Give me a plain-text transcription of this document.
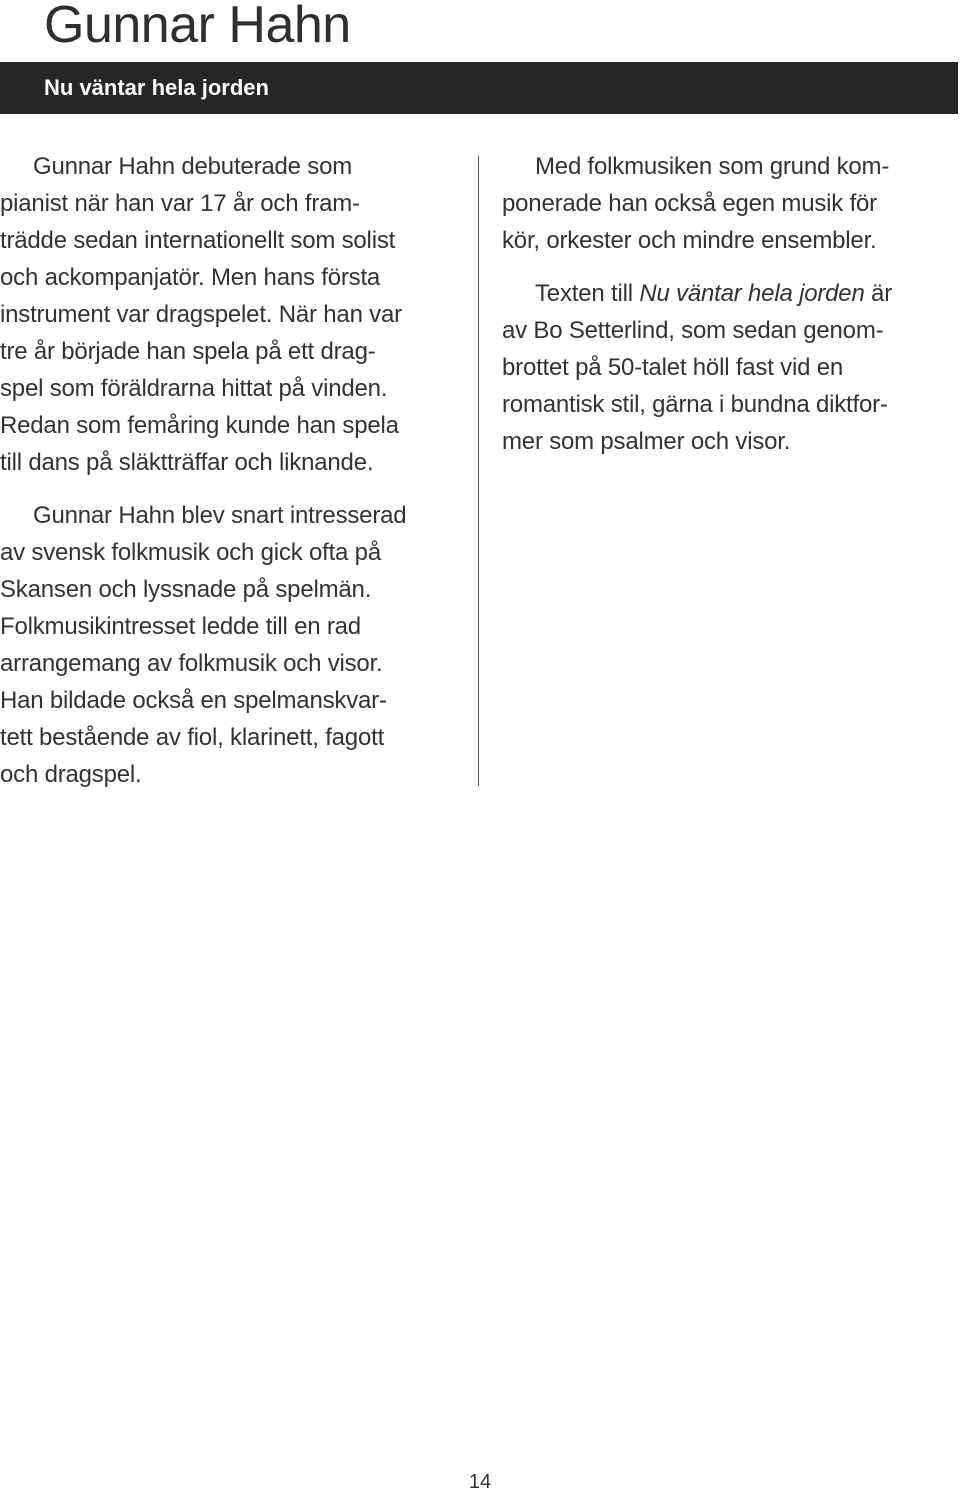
Gunnar Hahn
Nu väntar hela jorden

Gunnar Hahn debuterade som
pianist när han var 17 år och fram-
trädde sedan internationellt som solist
och ackompanjatör. Men hans första
instrument var dragspelet. När han var
tre år började han spela på ett drag-
spel som föräldrarna hittat på vinden.
Redan som femåring kunde han spela
till dans på släktträffar och liknande.

Gunnar Hahn blev snart intresserad
av svensk folkmusik och gick ofta på
Skansen och lyssnade på spelmän.
Folkmusikintresset ledde till en rad
arrangemang av folkmusik och visor.
Han bildade också en spelmanskvar-
tett bestående av fiol, klarinett, fagott
och dragspel.

Med folkmusiken som grund kom-
ponerade han också egen musik för
kör, orkester och mindre ensembler.

Texten till Nu väntar hela jorden är
av Bo Setterlind, som sedan genom-
brottet på 50-talet höll fast vid en
romantisk stil, gärna i bundna diktfor-
mer som psalmer och visor.

14
